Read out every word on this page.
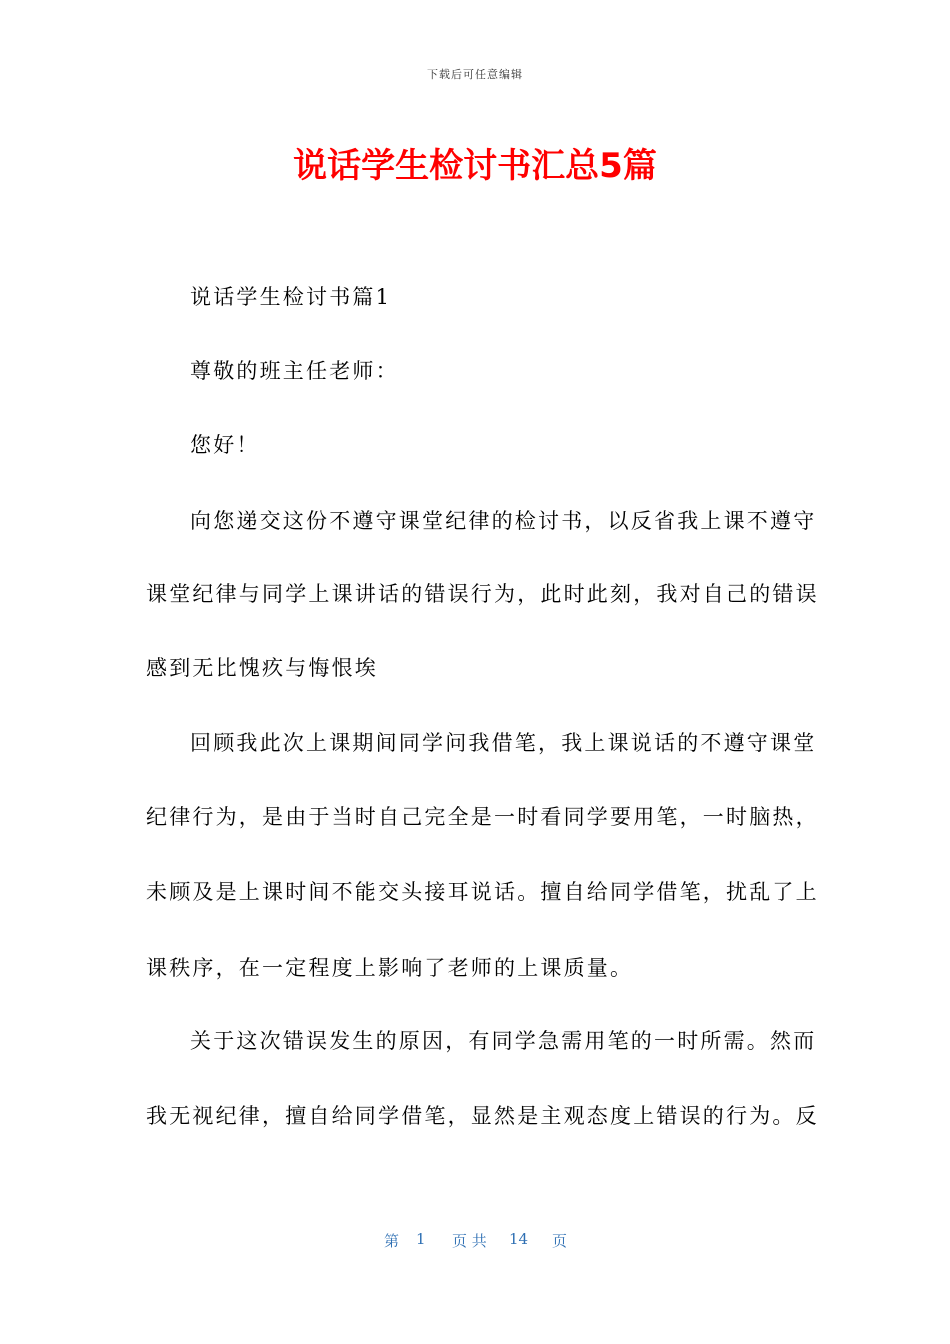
下载后可任意编辑
说话学生检讨书汇总5篇
说话学生检讨书篇1
尊敬的班主任老师：
您好！
向您递交这份不遵守课堂纪律的检讨书，以反省我上课不遵守
课堂纪律与同学上课讲话的错误行为，此时此刻，我对自己的错误
感到无比愧疚与悔恨埃
回顾我此次上课期间同学问我借笔，我上课说话的不遵守课堂
纪律行为，是由于当时自己完全是一时看同学要用笔，一时脑热，
未顾及是上课时间不能交头接耳说话。擅自给同学借笔，扰乱了上
课秩序，在一定程度上影响了老师的上课质量。
关于这次错误发生的原因，有同学急需用笔的一时所需。然而
我无视纪律，擅自给同学借笔，显然是主观态度上错误的行为。反
第 1 页 共 14 页
